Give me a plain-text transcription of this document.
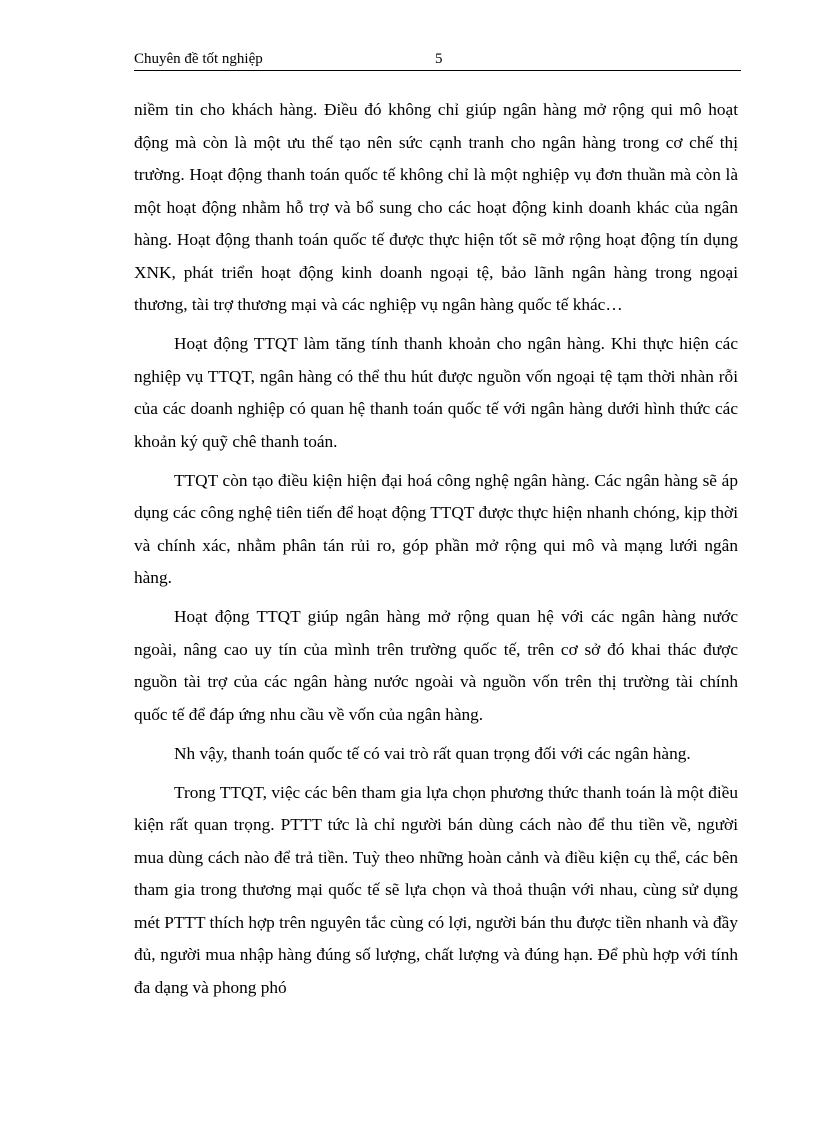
Chuyên đề tốt nghiệp	5

niềm tin cho khách hàng. Điều đó không chỉ giúp ngân hàng mở rộng qui mô hoạt động mà còn là một ưu thế tạo nên sức cạnh tranh cho ngân hàng trong cơ chế thị trường. Hoạt động thanh toán quốc tế không chỉ là một nghiệp vụ đơn thuần mà còn là một hoạt động nhằm hỗ trợ và bổ sung cho các hoạt động kinh doanh khác của ngân hàng. Hoạt động thanh toán quốc tế được thực hiện tốt sẽ mở rộng hoạt động tín dụng XNK, phát triển hoạt động kinh doanh ngoại tệ, bảo lãnh ngân hàng trong ngoại thương, tài trợ thương mại và các nghiệp vụ ngân hàng quốc tế khác…

Hoạt động TTQT làm tăng tính thanh khoản cho ngân hàng. Khi thực hiện các nghiệp vụ TTQT, ngân hàng có thể thu hút được nguồn vốn ngoại tệ tạm thời nhàn rỗi của các doanh nghiệp có quan hệ thanh toán quốc tế với ngân hàng dưới hình thức các khoản ký quỹ chê thanh toán.

TTQT còn tạo điều kiện hiện đại hoá công nghệ ngân hàng. Các ngân hàng sẽ áp dụng các công nghệ tiên tiến để hoạt động TTQT được thực hiện nhanh chóng, kịp thời và chính xác, nhằm phân tán rủi ro, góp phần mở rộng qui mô và mạng lưới ngân hàng.

Hoạt động TTQT giúp ngân hàng mở rộng quan hệ với các ngân hàng nước ngoài, nâng cao uy tín của mình trên trường quốc tế, trên cơ sở đó khai thác được nguồn tài trợ của các ngân hàng nước ngoài và nguồn vốn trên thị trường tài chính quốc tế để đáp ứng nhu cầu về vốn của ngân hàng.

Nh vậy, thanh toán quốc tế có vai trò rất quan trọng đối với các ngân hàng.

Trong TTQT, việc các bên tham gia lựa chọn phương thức thanh toán là một điều kiện rất quan trọng. PTTT tức là chỉ người bán dùng cách nào để thu tiền về, người mua dùng cách nào để trả tiền. Tuỳ theo những hoàn cảnh và điều kiện cụ thể, các bên tham gia trong thương mại quốc tế sẽ lựa chọn và thoả thuận với nhau, cùng sử dụng mét PTTT thích hợp trên nguyên tắc cùng có lợi, người bán thu được tiền nhanh và đầy đủ, người mua nhập hàng đúng số lượng, chất lượng và đúng hạn. Để phù hợp với tính đa dạng và phong phó
